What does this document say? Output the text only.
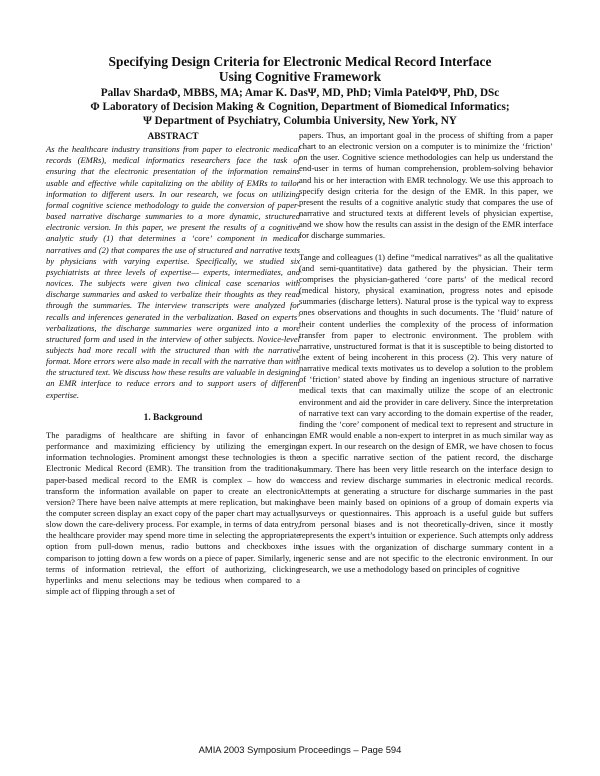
Specifying Design Criteria for Electronic Medical Record Interface
Using Cognitive Framework
Pallav ShardaΦ, MBBS, MA; Amar K. DasΨ, MD, PhD; Vimla PatelΦΨ, PhD, DSc
Φ Laboratory of Decision Making & Cognition, Department of Biomedical Informatics;
Ψ Department of Psychiatry, Columbia University, New York, NY
ABSTRACT
As the healthcare industry transitions from paper to electronic medical records (EMRs), medical informatics researchers face the task of ensuring that the electronic presentation of the information remains usable and effective while capitalizing on the ability of EMRs to tailor information to different users. In our research, we focus on utilizing formal cognitive science methodology to guide the conversion of paper-based narrative discharge summaries to a more dynamic, structured electronic version. In this paper, we present the results of a cognitive analytic study (1) that determines a ‘core’ component in medical narratives and (2) that compares the use of structured and narrative texts by physicians with varying expertise. Specifically, we studied six psychiatrists at three levels of expertise— experts, intermediates, and novices. The subjects were given two clinical case scenarios with discharge summaries and asked to verbalize their thoughts as they read through the summaries. The interview transcripts were analyzed for recalls and inferences generated in the verbalization. Based on experts’ verbalizations, the discharge summaries were organized into a more structured form and used in the interview of other subjects. Novice-level subjects had more recall with the structured than with the narrative format. More errors were also made in recall with the narrative than with the structured text. We discuss how these results are valuable in designing an EMR interface to reduce errors and to support users of different expertise.
1. Background
The paradigms of healthcare are shifting in favor of enhancing performance and maximizing efficiency by utilizing the emerging information technologies. Prominent amongst these technologies is the Electronic Medical Record (EMR). The transition from the traditional paper-based medical record to the EMR is complex – how do we transform the information available on paper to create an electronic version? There have been naïve attempts at mere replication, but making the computer screen display an exact copy of the paper chart may actually slow down the care-delivery process. For example, in terms of data entry, the healthcare provider may spend more time in selecting the appropriate option from pull-down menus, radio buttons and checkboxes in comparison to jotting down a few words on a piece of paper. Similarly, in terms of information retrieval, the effort of authorizing, clicking hyperlinks and menu selections may be tedious when compared to a simple act of flipping through a set of
papers. Thus, an important goal in the process of shifting from a paper chart to an electronic version on a computer is to minimize the ‘friction’ on the user. Cognitive science methodologies can help us understand the end-user in terms of human comprehension, problem-solving behavior and his or her interaction with EMR technology. We use this approach to specify design criteria for the design of the EMR. In this paper, we present the results of a cognitive analytic study that compares the use of narrative and structured texts at different levels of physician expertise, and we show how the results can assist in the design of the EMR interface for discharge summaries.
Tange and colleagues (1) define “medical narratives” as all the qualitative (and semi-quantitative) data gathered by the physician. Their term comprises the physician-gathered ‘core parts’ of the medical record (medical history, physical examination, progress notes and episode summaries (discharge letters). Natural prose is the typical way to express ones observations and thoughts in such documents. The ‘fluid’ nature of their content underlies the complexity of the process of information transfer from paper to electronic environment. The problem with narrative, unstructured format is that it is susceptible to being distorted to the extent of being incoherent in this process (2). This very nature of narrative medical texts motivates us to develop a solution to the problem of ‘friction’ stated above by finding an ingenious structure of narrative medical texts that can maximally utilize the scope of an electronic environment and aid the provider in care delivery. Since the interpretation of narrative text can vary according to the domain expertise of the reader, finding the ‘core’ component of medical text to represent and structure in an EMR would enable a non-expert to interpret in as much similar way as an expert. In our research on the design of EMR, we have chosen to focus on a specific narrative section of the patient record, the discharge summary. There has been very little research on the interface design to access and review discharge summaries in electronic medical records. Attempts at generating a structure for discharge summaries in the past have been mainly based on opinions of a group of domain experts via surveys or questionnaires. This approach is a useful guide but suffers from personal biases and is not theoretically-driven, since it mostly represents the expert’s intuition or experience. Such attempts only address the issues with the organization of discharge summary content in a generic sense and are not specific to the electronic environment. In our research, we use a methodology based on principles of cognitive
AMIA 2003 Symposium Proceedings – Page 594
